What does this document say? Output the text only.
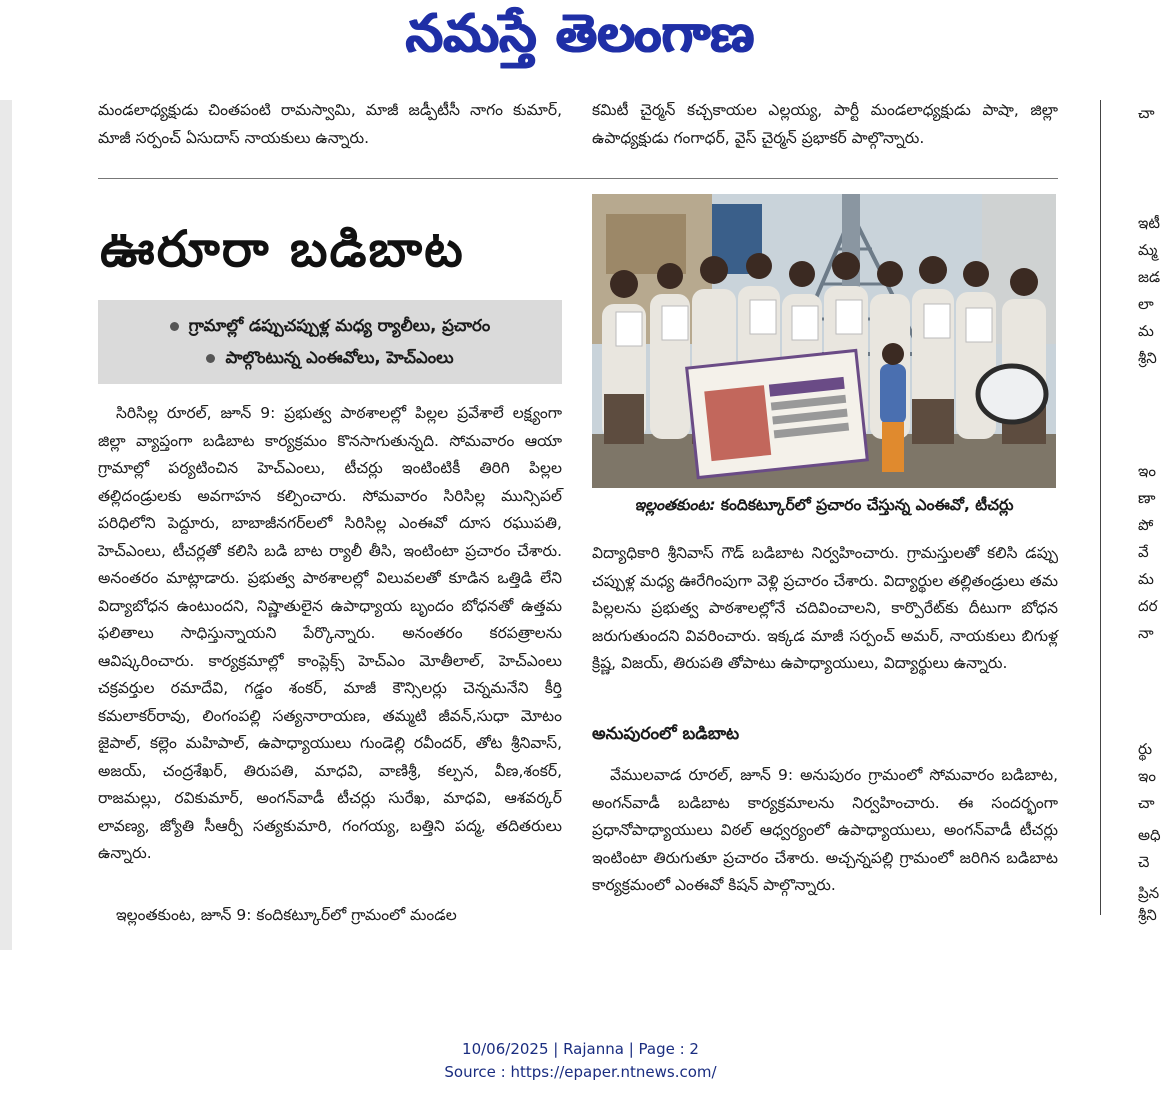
నమస్తే తెలంగాణ

మండలాధ్యక్షుడు చింతపంటి రామస్వామి, మాజీ జడ్పీటీసీ నాగం కుమార్, మాజీ సర్పంచ్ ఏసుదాస్ నాయకులు ఉన్నారు.

కమిటీ చైర్మన్ కచ్చకాయల ఎల్లయ్య, పార్టీ మండలాధ్యక్షుడు పాషా, జిల్లా ఉపాధ్యక్షుడు గంగాధర్, వైస్ చైర్మన్ ప్రభాకర్ పాల్గొన్నారు.

ఊరూరా బడిబాట
గ్రామాల్లో డప్పుచప్పుళ్ల మధ్య ర్యాలీలు, ప్రచారం
పాల్గొంటున్న ఎంఈవోలు, హెచ్ఎంలు

సిరిసిల్ల రూరల్, జూన్ 9: ప్రభుత్వ పాఠశాలల్లో పిల్లల ప్రవేశాలే లక్ష్యంగా జిల్లా వ్యాప్తంగా బడిబాట కార్యక్రమం కొనసాగుతున్నది. సోమవారం ఆయా గ్రామాల్లో పర్యటించిన హెచ్ఎంలు, టీచర్లు ఇంటింటికీ తిరిగి పిల్లల తల్లిదండ్రులకు అవగాహన కల్పించారు. సోమవారం సిరిసిల్ల మున్సిపల్ పరిధిలోని పెద్దూరు, బాబాజీనగర్‌లలో సిరిసిల్ల ఎంఈవో దూస రఘుపతి, హెచ్ఎంలు, టీచర్లతో కలిసి బడి బాట ర్యాలీ తీసి, ఇంటింటా ప్రచారం చేశారు. అనంతరం మాట్లాడారు. ప్రభుత్వ పాఠశాలల్లో విలువలతో కూడిన ఒత్తిడి లేని విద్యాబోధన ఉంటుందని, నిష్ణాతులైన ఉపాధ్యాయ బృందం బోధనతో ఉత్తమ ఫలితాలు సాధిస్తున్నాయని పేర్కొన్నారు. అనంతరం కరపత్రాలను ఆవిష్కరించారు. కార్యక్రమాల్లో కాంప్లెక్స్ హెచ్ఎం మోతీలాల్, హెచ్ఎంలు చక్రవర్తుల రమాదేవి, గడ్డం శంకర్, మాజీ కౌన్సిలర్లు చెన్నమనేని కీర్తి కమలాకర్‌రావు, లింగంపల్లి సత్యనారాయణ, తమ్మటి జీవన్,సుధా మోటం జైపాల్, కల్లెం మహిపాల్, ఉపాధ్యాయులు గుండెల్లి రవీందర్, తోట శ్రీనివాస్, అజయ్, చంద్రశేఖర్, తిరుపతి, మాధవి, వాణిశ్రీ, కల్పన, వీణ,శంకర్, రాజమల్లు, రవికుమార్, అంగన్‌వాడీ టీచర్లు సురేఖ, మాధవి, ఆశవర్కర్ లావణ్య, జ్యోతి సీఆర్పీ సత్యకుమారి, గంగయ్య, బత్తిని పద్మ, తదితరులు ఉన్నారు.

ఇల్లంతకుంట, జూన్ 9: కందికట్కూర్‌లో గ్రామంలో మండల

ఇల్లంతకుంట: కందికట్కూర్‌లో ప్రచారం చేస్తున్న ఎంఈవో, టీచర్లు

విద్యాధికారి శ్రీనివాస్ గౌడ్ బడిబాట నిర్వహించారు. గ్రామస్తులతో కలిసి డప్పు చప్పుళ్ల మధ్య ఊరేగింపుగా వెళ్లి ప్రచారం చేశారు. విద్యార్థుల తల్లితండ్రులు తమ పిల్లలను ప్రభుత్వ పాఠశాలల్లోనే చదివించాలని, కార్పొరేట్‌కు దీటుగా బోధన జరుగుతుందని వివరించారు. ఇక్కడ మాజీ సర్పంచ్ అమర్, నాయకులు బిగుళ్ల క్రిష్ణ, విజయ్, తిరుపతి తోపాటు ఉపాధ్యాయులు, విద్యార్థులు ఉన్నారు.

అనుపురంలో బడిబాట

వేములవాడ రూరల్, జూన్ 9: అనుపురం గ్రామంలో సోమవారం బడిబాట, అంగన్‌వాడీ బడిబాట కార్యక్రమాలను నిర్వహించారు. ఈ సందర్భంగా ప్రధానోపాధ్యాయులు విఠల్ ఆధ్వర్యంలో ఉపాధ్యాయులు, అంగన్‌వాడీ టీచర్లు ఇంటింటా తిరుగుతూ ప్రచారం చేశారు. అచ్చన్నపల్లి గ్రామంలో జరిగిన బడిబాట కార్యక్రమంలో ఎంఈవో కిషన్ పాల్గొన్నారు.

చా
ఇటీ
మ్మ
జడ
లా
మ
శ్రీని
ఇం
ణా
పో
వే
మ
దర
నా
ర్థు
ఇం
చా
అధి
చె
ప్రిన
శ్రీని
10/06/2025 | Rajanna | Page : 2
Source : https://epaper.ntnews.com/
